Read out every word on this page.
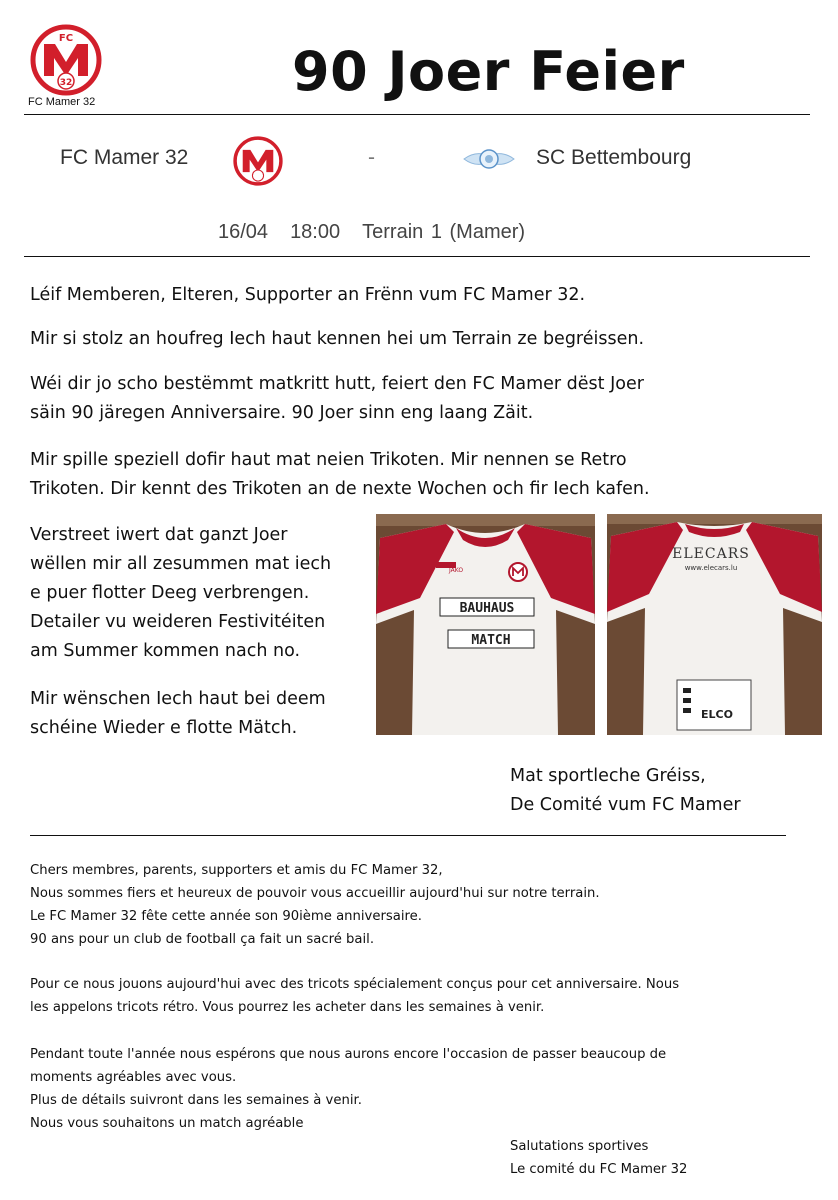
FC
32
FC Mamer 32	90 Joer Feier
FC Mamer 32	-	SC Bettembourg
16/04 18:00 Terrain 1 (Mamer)

Léif Memberen, Elteren, Supporter an Frënn vum FC Mamer 32.

Mir si stolz an houfreg Iech haut kennen hei um Terrain ze begréissen.

Wéi dir jo scho bestëmmt matkritt hutt, feiert den FC Mamer dëst Joer
säin 90 järegen Anniversaire. 90 Joer sinn eng laang Zäit.
Mir spille speziell dofir haut mat neien Trikoten. Mir nennen se Retro
Trikoten. Dir kennt des Trikoten an de nexte Wochen och fir Iech kafen.
Verstreet iwert dat ganzt Joer
wëllen mir all zesummen mat iech
e puer flotter Deeg verbrengen.
Detailer vu weideren Festivitéiten
am Summer kommen nach no.
Mir wënschen Iech haut bei deem
schéine Wieder e flotte Mätch.
BAUHAUS
MATCH
JAKO
ELECARS
www.elecars.lu
ELCO
Mat sportleche Gréiss,
De Comité vum FC Mamer
Chers membres, parents, supporters et amis du FC Mamer 32,
Nous sommes fiers et heureux de pouvoir vous accueillir aujourd'hui sur notre terrain.
Le FC Mamer 32 fête cette année son 90ième anniversaire.
90 ans pour un club de football ça fait un sacré bail.
Pour ce nous jouons aujourd'hui avec des tricots spécialement conçus pour cet anniversaire. Nous
les appelons tricots rétro. Vous pourrez les acheter dans les semaines à venir.
Pendant toute l'année nous espérons que nous aurons encore l'occasion de passer beaucoup de
moments agréables avec vous.
Plus de détails suivront dans les semaines à venir.
Nous vous souhaitons un match agréable
Salutations sportives
Le comité du FC Mamer 32
